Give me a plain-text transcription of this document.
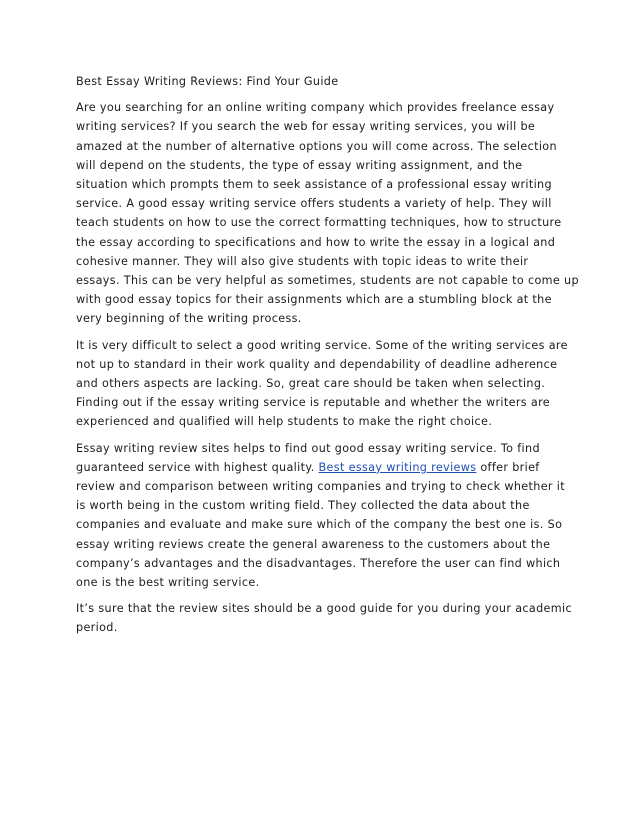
Best Essay Writing Reviews: Find Your Guide

Are you searching for an online writing company which provides freelance essay
writing services? If you search the web for essay writing services, you will be
amazed at the number of alternative options you will come across. The selection
will depend on the students, the type of essay writing assignment, and the
situation which prompts them to seek assistance of a professional essay writing
service. A good essay writing service offers students a variety of help. They will
teach students on how to use the correct formatting techniques, how to structure
the essay according to specifications and how to write the essay in a logical and
cohesive manner. They will also give students with topic ideas to write their
essays. This can be very helpful as sometimes, students are not capable to come up
with good essay topics for their assignments which are a stumbling block at the
very beginning of the writing process.

It is very difficult to select a good writing service. Some of the writing services are
not up to standard in their work quality and dependability of deadline adherence
and others aspects are lacking. So, great care should be taken when selecting.
Finding out if the essay writing service is reputable and whether the writers are
experienced and qualified will help students to make the right choice.

Essay writing review sites helps to find out good essay writing service. To find
guaranteed service with highest quality. Best essay writing reviews offer brief
review and comparison between writing companies and trying to check whether it
is worth being in the custom writing field. They collected the data about the
companies and evaluate and make sure which of the company the best one is. So
essay writing reviews create the general awareness to the customers about the
company’s advantages and the disadvantages. Therefore the user can find which
one is the best writing service.

It’s sure that the review sites should be a good guide for you during your academic
period.
